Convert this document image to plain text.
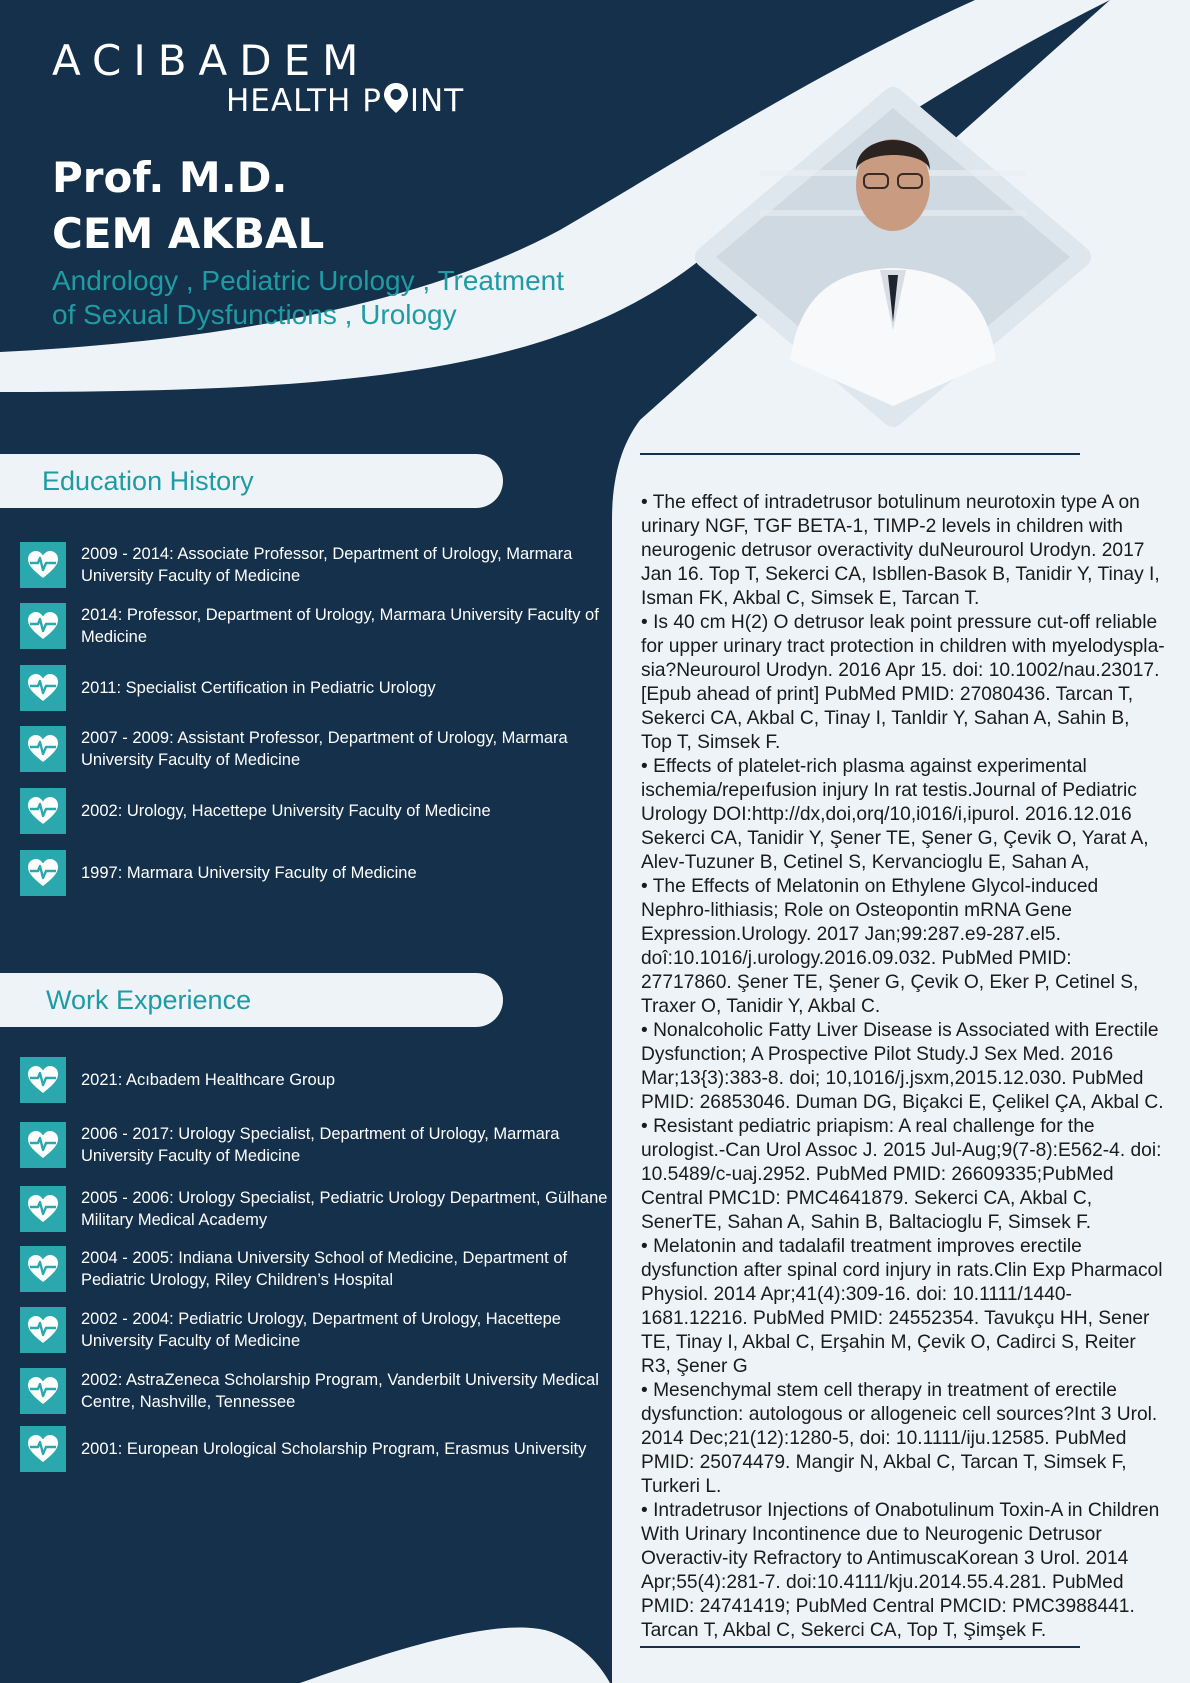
ACIBADEM
HEALTH P INT
Prof. M.D.
CEM AKBAL
Andrology , Pediatric Urology , Treatment of Sexual Dysfunctions , Urology
Education History
2009 - 2014: Associate Professor, Department of Urology, Marmara University Faculty of Medicine
2014: Professor, Department of Urology, Marmara University Faculty of Medicine
2011: Specialist Certification in Pediatric Urology
2007 - 2009: Assistant Professor, Department of Urology, Marmara University Faculty of Medicine
2002: Urology, Hacettepe University Faculty of Medicine
1997: Marmara University Faculty of Medicine
Work Experience
2021: Acıbadem Healthcare Group
2006 - 2017: Urology Specialist, Department of Urology, Marmara University Faculty of Medicine
2005 - 2006: Urology Specialist, Pediatric Urology Department, Gülhane Military Medical Academy
2004 - 2005: Indiana University School of Medicine, Department of Pediatric Urology, Riley Children’s Hospital
2002 - 2004: Pediatric Urology, Department of Urology, Hacettepe University Faculty of Medicine
2002: AstraZeneca Scholarship Program, Vanderbilt University Medical Centre, Nashville, Tennessee
2001: European Urological Scholarship Program, Erasmus University

• The effect of intradetrusor botulinum neurotoxin type A on urinary NGF, TGF BETA-1, TIMP-2 levels in children with neurogenic detrusor overactivity duNeurourol Urodyn. 2017 Jan 16. Top T, Sekerci CA, Isbllen-Basok B, Tanidir Y, Tinay I, Isman FK, Akbal C, Simsek E, Tarcan T.

• Is 40 cm H(2) O detrusor leak point pressure cut-off reliable for upper urinary tract protection in children with myelodyspla-sia?Neurourol Urodyn. 2016 Apr 15. doi: 10.1002/nau.23017. [Epub ahead of print] PubMed PMID: 27080436. Tarcan T, Sekerci CA, Akbal C, Tinay I, Tanldir Y, Sahan A, Sahin B, Top T, Simsek F.

• Effects of platelet-rich plasma against experimental ischemia/repeıfusion injury In rat testis.Journal of Pediatric Urology DOI:http://dx,doi,orq/10,i016/i,ipurol. 2016.12.016 Sekerci CA, Tanidir Y, Şener TE, Şener G, Çevik O, Yarat A, Alev-Tuzuner B, Cetinel S, Kervancioglu E, Sahan A,

• The Effects of Melatonin on Ethylene Glycol-induced Nephro-lithiasis; Role on Osteopontin mRNA Gene Expression.Urology. 2017 Jan;99:287.e9-287.el5. doî:10.1016/j.urology.2016.09.032. PubMed PMID: 27717860. Şener TE, Şener G, Çevik O, Eker P, Cetinel S, Traxer O, Tanidir Y, Akbal C.

• Nonalcoholic Fatty Liver Disease is Associated with Erectile Dysfunction; A Prospective Pilot Study.J Sex Med. 2016 Mar;13{3):383-8. doi; 10,1016/j.jsxm,2015.12.030. PubMed PMID: 26853046. Duman DG, Biçakci E, Çelikel ÇA, Akbal C.

• Resistant pediatric priapism: A real challenge for the urologist.-Can Urol Assoc J. 2015 Jul-Aug;9(7-8):E562-4. doi: 10.5489/c-uaj.2952. PubMed PMID: 26609335;PubMed Central PMC1D: PMC4641879. Sekerci CA, Akbal C, SenerTE, Sahan A, Sahin B, Baltacioglu F, Simsek F.

• Melatonin and tadalafil treatment improves erectile dysfunction after spinal cord injury in rats.Clin Exp Pharmacol Physiol. 2014 Apr;41(4):309-16. doi: 10.1111/1440-1681.12216. PubMed PMID: 24552354. Tavukçu HH, Sener TE, Tinay I, Akbal C, Erşahin M, Çevik O, Cadirci S, Reiter R3, Şener G

• Mesenchymal stem cell therapy in treatment of erectile dysfunction: autologous or allogeneic cell sources?Int 3 Urol. 2014 Dec;21(12):1280-5, doi: 10.1111/iju.12585. PubMed PMID: 25074479. Mangir N, Akbal C, Tarcan T, Simsek F, Turkeri L.

• Intradetrusor Injections of Onabotulinum Toxin-A in Children With Urinary Incontinence due to Neurogenic Detrusor Overactiv-ity Refractory to AntimuscaKorean 3 Urol. 2014 Apr;55(4):281-7. doi:10.4111/kju.2014.55.4.281. PubMed PMID: 24741419; PubMed Central PMCID: PMC3988441. Tarcan T, Akbal C, Sekerci CA, Top T, Şimşek F.
